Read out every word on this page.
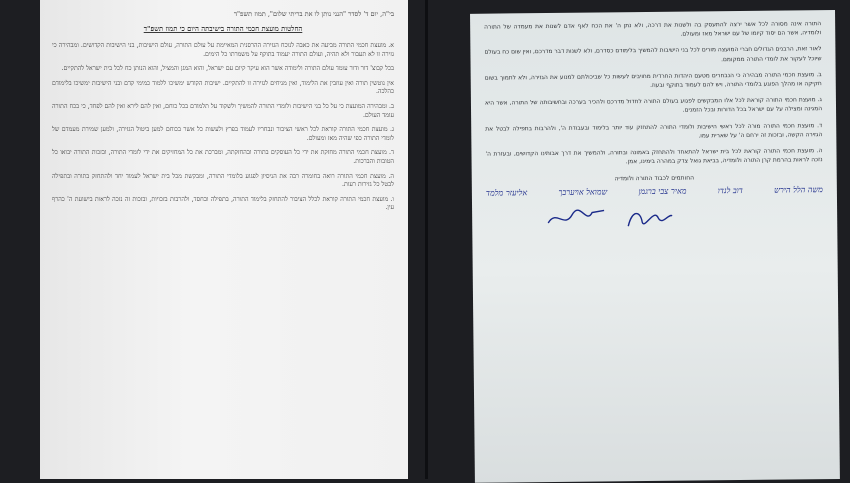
בי"ה, יום ד' לסדר "הנני נותן לו את בריתי שלום", תמוז תשפ"ד
החלטות מועצת חכמי התורה בישיבתה היום כי תמוז תשפ"ד

א. מועצת חכמי התורה מביעה את כאבה לנוכח הגזירה ההרסנית המאיימת על עולם התורה, עולם הישיבות, בני הישיבות הקדושים. ומבהירה כי גזירה זו לא תעבור ולא תהיה, ועולם התורה יעמוד בתוקף על משמרתו כל הימים.

בכל קבוצ' דור ודור עומד עולם התורה ולימודה אשר הוא עיקר קיום עם ישראל, והוא המגן והמציל, והוא הנותן כח לכל בית ישראל להתקיים.

אין נוטשין תורה ואין עוזבין את הלימוד, ואין מניחים לגזירה זו להתקיים. ישיבות הקודש ימשיכו ללמוד כמימי קדם ובני הישיבות ימשיכו בלימודם כהלכה.

ב. ומבהירה המועצת כי על כל בני הישיבות ולומדי התורה להמשיך ולשקוד על תלמודם בכל כוחם, ואין להם לירא ואין להם לפחד, כי בכח התורה עומד העולם.

ג. מועצת חכמי התורה קוראת לכל ראשי הציבור ונבחריו לעמוד בפרץ ולעשות כל אשר בכוחם למען ביטול הגזירה, ולמען שמירת מעמדם של לומדי התורה כפי שהיה מאז ומעולם.

ד. מועצת חכמי התורה מחזקת את ידי כל העוסקים בתורה ובהחזקתה, ומברכת את כל המחזיקים את ידי לומדי התורה, ובזכות התורה יבואו כל הטובות והברכות.

ה. מועצת חכמי התורה רואה בחומרה רבה את הניסיון לפגוע בלומדי התורה, ומבקשת מכל בית ישראל לעמוד יחד ולהתחזק בתורה ובתפילה לבטל כל גזירות רעות.

ו. מועצת חכמי התורה קוראת לכלל הציבור להתחזק בלימוד התורה, בתפילה ובחסד, ולהרבות בזכויות, ובזכות זה נזכה לראות בישועת ה' כהרף עין.

התורה אינה מסורה לכל אשר ירצה להתעסק בה ולשנות את דרכה, ולא נתן ה' את הכח לאף אדם לשנות את מעמדה של התורה ולומדיה, אשר הם יסוד קיומו של עם ישראל מאז ומעולם.

לאור זאת, הרבנים הגדולים חברי המועצה מורים לכל בני הישיבות להמשיך בלימודם כסדרם, ולא לשנות דבר מדרכם, ואין שום כח בעולם שיוכל לעקור את לומדי התורה ממקומם.

ב. מועצת חכמי התורה מבהירה כי הנבחרים מטעם היהדות החרדית מחויבים לעשות כל שביכולתם למנוע את הגזירה, ולא לתמוך בשום חקיקה או מהלך הפוגע בלומדי התורה, ויש להם לעמוד בתוקף ובעוז.

ג. מועצת חכמי התורה קוראת לכל אלו המבקשים לפגוע בעולם התורה לחדול מדרכם ולהכיר בערכה ובחשיבותה של התורה, אשר היא המגינה ומצילה על עם ישראל בכל הדורות ובכל הזמנים.

ד. מועצת חכמי התורה מורה לכל ראשי הישיבות ולומדי התורה להתחזק עוד יותר בלימוד ובעבודת ה', ולהרבות בתפילה לבטל את הגזירה הקשה, ובזכות זה ירחם ה' על שארית עמו.

ה. מועצת חכמי התורה קוראת לכל בית ישראל להתאחד ולהתחזק באמונה ובתורה, ולהמשיך את דרך אבותינו הקדושים, ובעזרת ה' נזכה לראות בהרמת קרן התורה ולומדיה, בביאת גואל צדק במהרה בימינו, אמן.

החותמים לכבוד התורה ולומדיה
משה הלל הירש
דוב לנדו
מאיר צבי ברגמן
שמואל אויערבך
אליעזר מלמד
